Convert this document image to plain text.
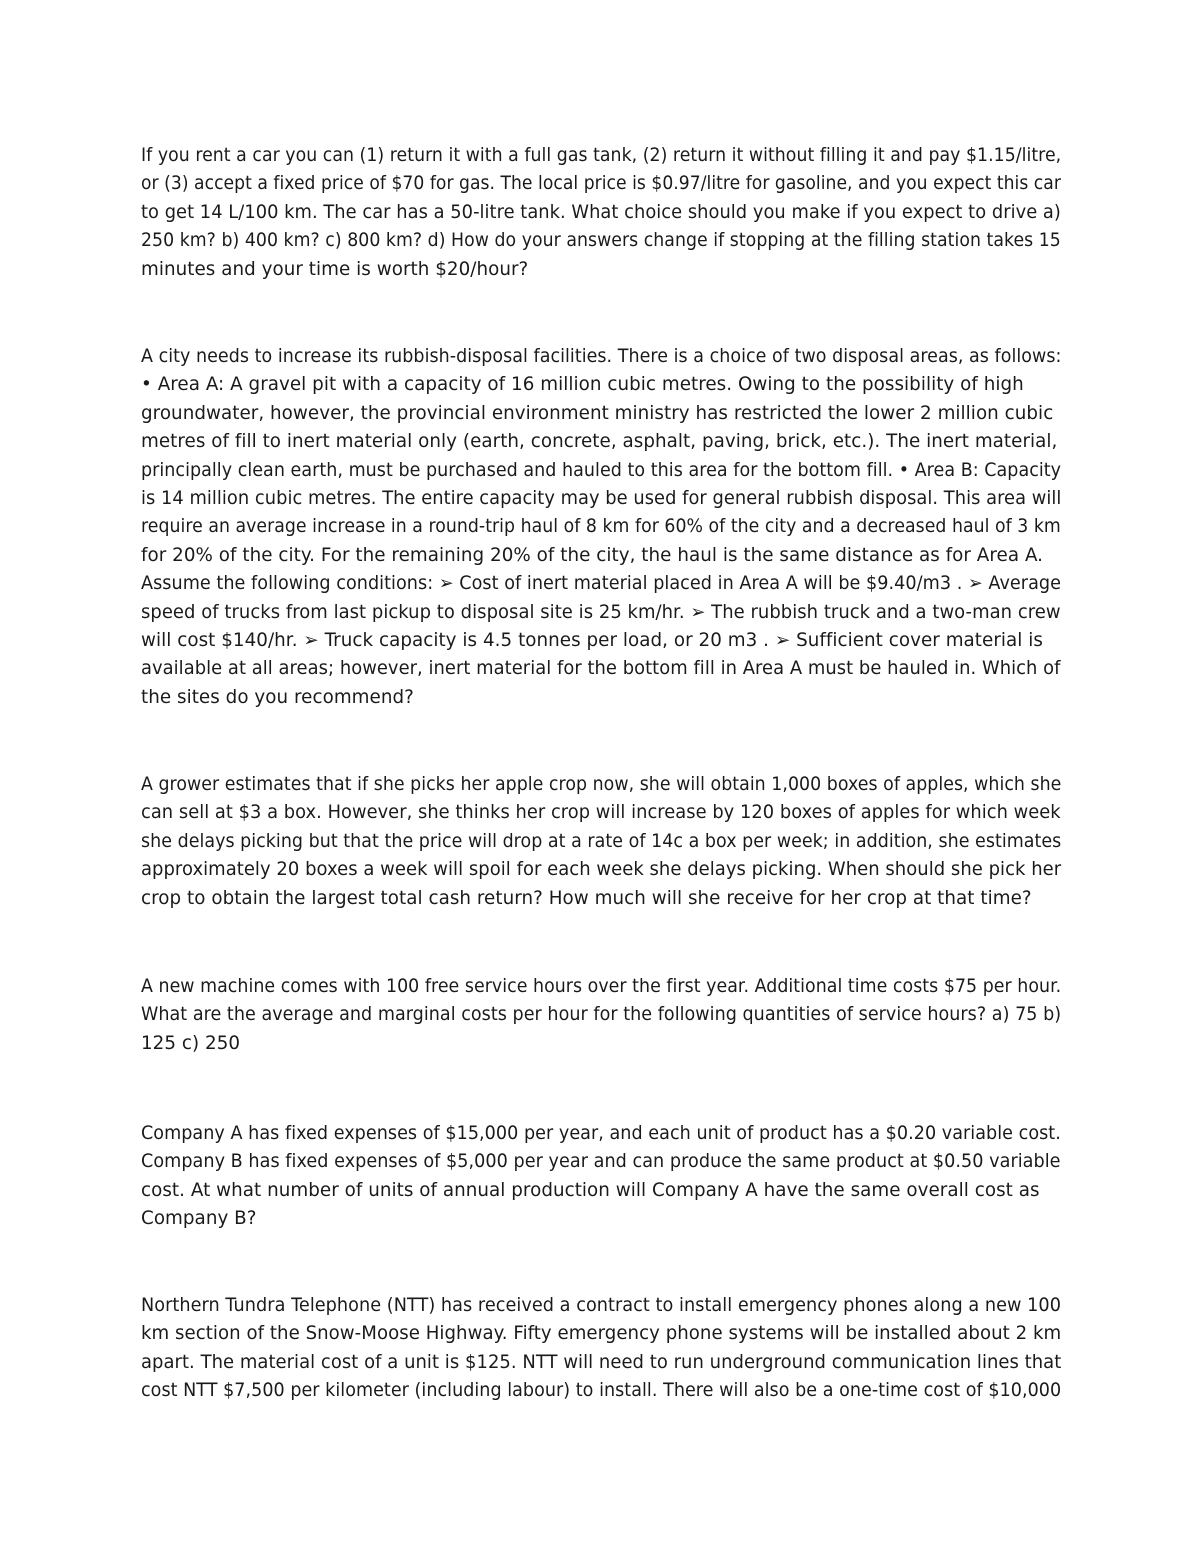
If you rent a car you can (1) return it with a full gas tank, (2) return it without filling it and pay $1.15/litre,
or (3) accept a fixed price of $70 for gas. The local price is $0.97/litre for gasoline, and you expect this car
to get 14 L/100 km. The car has a 50-litre tank. What choice should you make if you expect to drive a)
250 km? b) 400 km? c) 800 km? d) How do your answers change if stopping at the filling station takes 15
minutes and your time is worth $20/hour?

A city needs to increase its rubbish-disposal facilities. There is a choice of two disposal areas, as follows:
• Area A: A gravel pit with a capacity of 16 million cubic metres. Owing to the possibility of high
groundwater, however, the provincial environment ministry has restricted the lower 2 million cubic
metres of fill to inert material only (earth, concrete, asphalt, paving, brick, etc.). The inert material,
principally clean earth, must be purchased and hauled to this area for the bottom fill. • Area B: Capacity
is 14 million cubic metres. The entire capacity may be used for general rubbish disposal. This area will
require an average increase in a round-trip haul of 8 km for 60% of the city and a decreased haul of 3 km
for 20% of the city. For the remaining 20% of the city, the haul is the same distance as for Area A.
Assume the following conditions: ➢ Cost of inert material placed in Area A will be $9.40/m3 . ➢ Average
speed of trucks from last pickup to disposal site is 25 km/hr. ➢ The rubbish truck and a two-man crew
will cost $140/hr. ➢ Truck capacity is 4.5 tonnes per load, or 20 m3 . ➢ Sufficient cover material is
available at all areas; however, inert material for the bottom fill in Area A must be hauled in. Which of
the sites do you recommend?

A grower estimates that if she picks her apple crop now, she will obtain 1,000 boxes of apples, which she
can sell at $3 a box. However, she thinks her crop will increase by 120 boxes of apples for which week
she delays picking but that the price will drop at a rate of 14c a box per week; in addition, she estimates
approximately 20 boxes a week will spoil for each week she delays picking. When should she pick her
crop to obtain the largest total cash return? How much will she receive for her crop at that time?

A new machine comes with 100 free service hours over the first year. Additional time costs $75 per hour.
What are the average and marginal costs per hour for the following quantities of service hours? a) 75 b)
125 c) 250

Company A has fixed expenses of $15,000 per year, and each unit of product has a $0.20 variable cost.
Company B has fixed expenses of $5,000 per year and can produce the same product at $0.50 variable
cost. At what number of units of annual production will Company A have the same overall cost as
Company B?

Northern Tundra Telephone (NTT) has received a contract to install emergency phones along a new 100
km section of the Snow-Moose Highway. Fifty emergency phone systems will be installed about 2 km
apart. The material cost of a unit is $125. NTT will need to run underground communication lines that
cost NTT $7,500 per kilometer (including labour) to install. There will also be a one-time cost of $10,000
